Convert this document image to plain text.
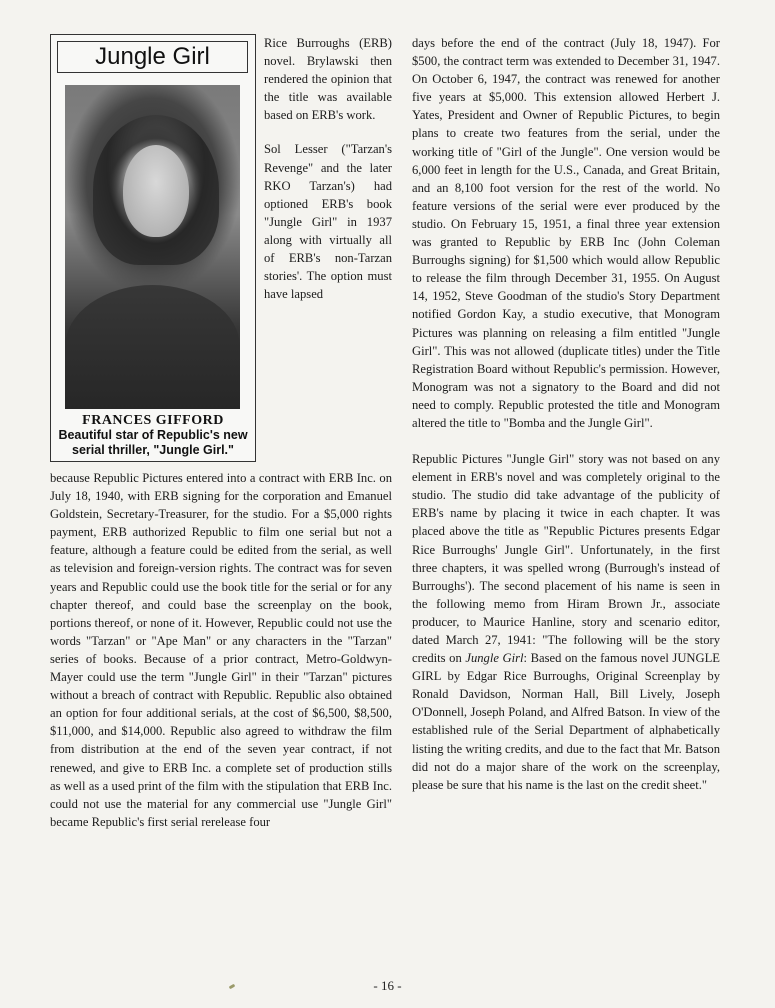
Jungle Girl
FRANCES GIFFORD
Beautiful star of Republic's new serial thriller, "Jungle Girl."

Rice Burroughs (ERB) novel. Brylawski then rendered the opinion that the title was available based on ERB's work.

Sol Lesser ("Tarzan's Revenge" and the later RKO Tarzan's) had optioned ERB's book "Jungle Girl" in 1937 along with virtually all of ERB's non-Tarzan stories'. The option must have lapsed

because Republic Pictures entered into a contract with ERB Inc. on July 18, 1940, with ERB signing for the corporation and Emanuel Goldstein, Secretary-Treasurer, for the studio. For a $5,000 rights payment, ERB authorized Republic to film one serial but not a feature, although a feature could be edited from the serial, as well as television and foreign-version rights. The contract was for seven years and Republic could use the book title for the serial or for any chapter thereof, and could base the screenplay on the book, portions thereof, or none of it. However, Republic could not use the words "Tarzan" or "Ape Man" or any characters in the "Tarzan" series of books. Because of a prior contract, Metro-Goldwyn-Mayer could use the term "Jungle Girl" in their "Tarzan" pictures without a breach of contract with Republic. Republic also obtained an option for four additional serials, at the cost of $6,500, $8,500, $11,000, and $14,000. Republic also agreed to withdraw the film from distribution at the end of the seven year contract, if not renewed, and give to ERB Inc. a complete set of production stills as well as a used print of the film with the stipulation that ERB Inc. could not use the material for any commercial use "Jungle Girl" became Republic's first serial rerelease four

days before the end of the contract (July 18, 1947). For $500, the contract term was extended to December 31, 1947. On October 6, 1947, the contract was renewed for another five years at $5,000. This extension allowed Herbert J. Yates, President and Owner of Republic Pictures, to begin plans to create two features from the serial, under the working title of "Girl of the Jungle". One version would be 6,000 feet in length for the U.S., Canada, and Great Britain, and an 8,100 foot version for the rest of the world. No feature versions of the serial were ever produced by the studio. On February 15, 1951, a final three year extension was granted to Republic by ERB Inc (John Coleman Burroughs signing) for $1,500 which would allow Republic to release the film through December 31, 1955. On August 14, 1952, Steve Goodman of the studio's Story Department notified Gordon Kay, a studio executive, that Monogram Pictures was planning on releasing a film entitled "Jungle Girl". This was not allowed (duplicate titles) under the Title Registration Board without Republic's permission. However, Monogram was not a signatory to the Board and did not need to comply. Republic protested the title and Monogram altered the title to "Bomba and the Jungle Girl".

Republic Pictures "Jungle Girl" story was not based on any element in ERB's novel and was completely original to the studio. The studio did take advantage of the publicity of ERB's name by placing it twice in each chapter. It was placed above the title as "Republic Pictures presents Edgar Rice Burroughs' Jungle Girl". Unfortunately, in the first three chapters, it was spelled wrong (Burrough's instead of Burroughs'). The second placement of his name is seen in the following memo from Hiram Brown Jr., associate producer, to Maurice Hanline, story and scenario editor, dated March 27, 1941: "The following will be the story credits on Jungle Girl: Based on the famous novel JUNGLE GIRL by Edgar Rice Burroughs, Original Screenplay by Ronald Davidson, Norman Hall, Bill Lively, Joseph O'Donnell, Joseph Poland, and Alfred Batson. In view of the established rule of the Serial Department of alphabetically listing the writing credits, and due to the fact that Mr. Batson did not do a major share of the work on the screenplay, please be sure that his name is the last on the credit sheet."

- 16 -
